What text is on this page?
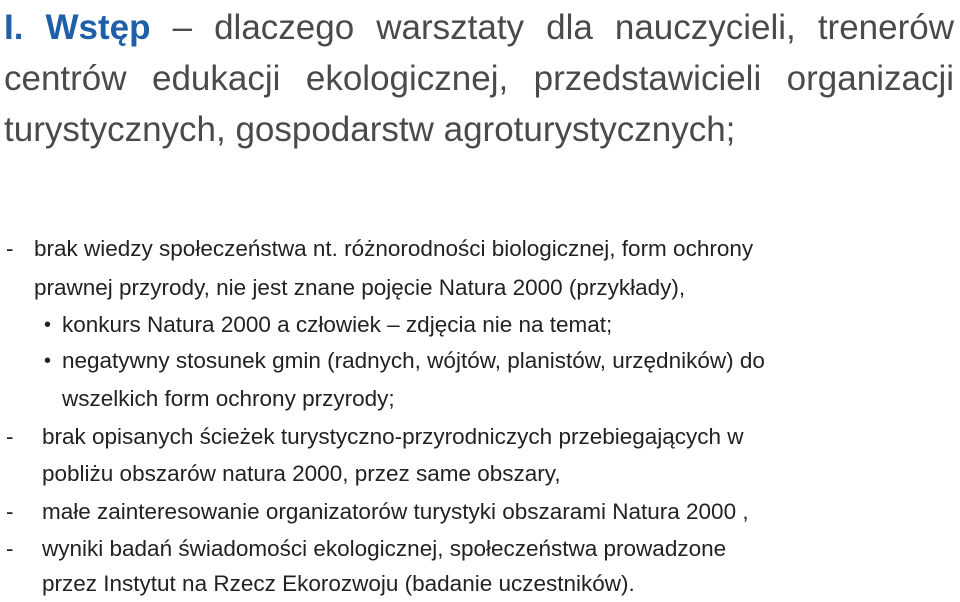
I. Wstęp – dlaczego warsztaty dla nauczycieli, trenerów centrów edukacji ekologicznej, przedstawicieli organizacji turystycznych, gospodarstw agroturystycznych;
- brak wiedzy społeczeństwa nt. różnorodności biologicznej, form ochrony
prawnej przyrody, nie jest znane pojęcie Natura 2000 (przykłady),
• konkurs Natura 2000 a człowiek – zdjęcia nie na temat;
• negatywny stosunek gmin (radnych, wójtów, planistów, urzędników) do
wszelkich form ochrony przyrody;
-	brak opisanych ścieżek turystyczno-przyrodniczych przebiegających w
pobliżu obszarów natura 2000, przez same obszary,
-	małe zainteresowanie organizatorów turystyki obszarami Natura 2000 ,
-	wyniki badań świadomości ekologicznej, społeczeństwa prowadzone
przez Instytut na Rzecz Ekorozwoju (badanie uczestników).
